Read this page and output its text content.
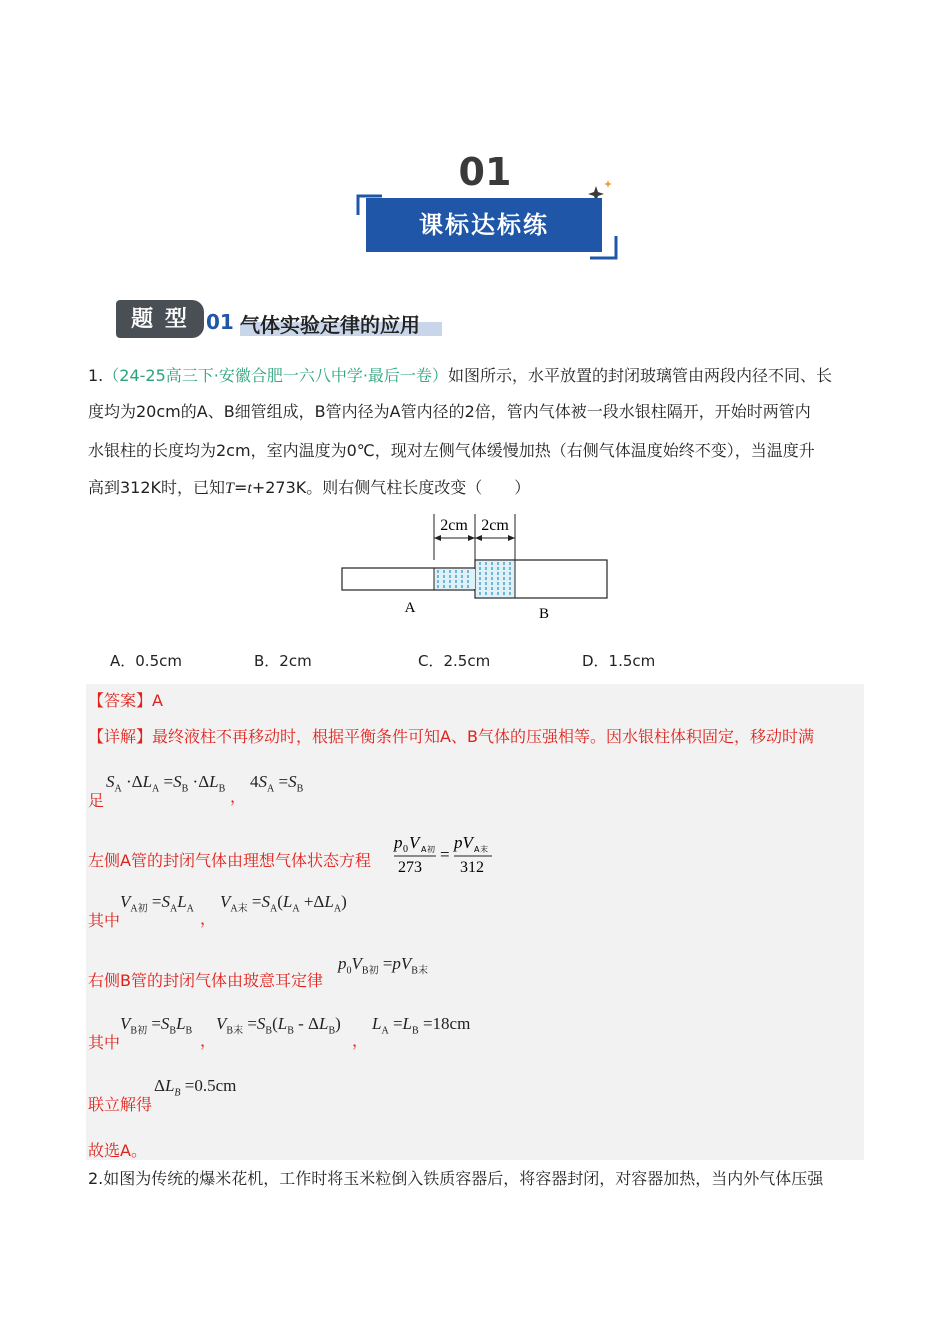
01
课标达标练
题 型 01 气体实验定律的应用
1.（24-25高三下·安徽合肥一六八中学·最后一卷）如图所示，水平放置的封闭玻璃管由两段内径不同、长
度均为20cm的A、B细管组成，B管内径为A管内径的2倍，管内气体被一段水银柱隔开，开始时两管内
水银柱的长度均为2cm，室内温度为0℃，现对左侧气体缓慢加热（右侧气体温度始终不变），当温度升
高到312K时，已知T=t+273K。则右侧气柱长度改变（　　）
2cm 2cm
A	B
A．0.5cm	B．2cm	C．2.5cm	D．1.5cm
【答案】A
【详解】最终液柱不再移动时，根据平衡条件可知A、B气体的压强相等。因水银柱体积固定，移动时满
足
$S_A \cdot\Delta L_A =S_B \cdot\Delta L_B$ ，
$4S_A =S_B$
左侧A管的封闭气体由理想气体状态方程
p 0 V A 初
273
=
pV A 末
312
其中
$V_{A初} =S_AL_A$
，
$V_{A末} =S_A(L_A +\Delta L_A)$
右侧B管的封闭气体由玻意耳定律
$p_0V_{B初} =pV_{B末}$
其中
$V_{B初} =S_BL_B$
，
$V_{B末} =S_B(L_B - \Delta L_B)$
，
$L_A =L_B =18cm$
联立解得
$\Delta L_B =0.5cm$
故选A。
2.如图为传统的爆米花机，工作时将玉米粒倒入铁质容器后，将容器封闭，对容器加热，当内外气体压强
